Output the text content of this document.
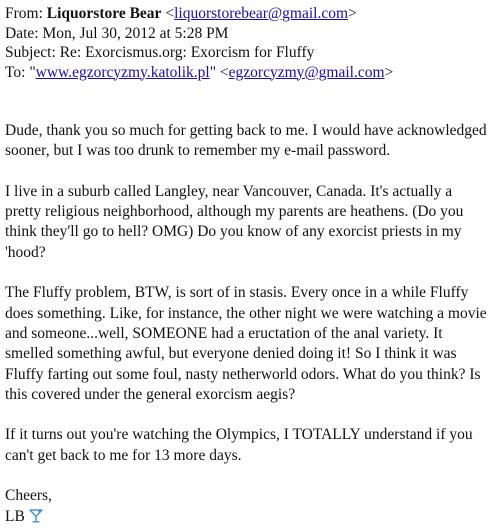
From: Liquorstore Bear <liquorstorebear@gmail.com>
Date: Mon, Jul 30, 2012 at 5:28 PM
Subject: Re: Exorcismus.org: Exorcism for Fluffy
To: "www.egzorcyzmy.katolik.pl" <egzorcyzmy@gmail.com>

Dude, thank you so much for getting back to me. I would have acknowledged sooner, but I was too drunk to remember my e-mail password.

I live in a suburb called Langley, near Vancouver, Canada. It's actually a pretty religious neighborhood, although my parents are heathens. (Do you think they'll go to hell? OMG) Do you know of any exorcist priests in my 'hood?

The Fluffy problem, BTW, is sort of in stasis. Every once in a while Fluffy does something. Like, for instance, the other night we were watching a movie and someone...well, SOMEONE had a eructation of the anal variety. It smelled something awful, but everyone denied doing it! So I think it was Fluffy farting out some foul, nasty netherworld odors. What do you think? Is this covered under the general exorcism aegis?

If it turns out you're watching the Olympics, I TOTALLY understand if you can't get back to me for 13 more days.

Cheers,
LB
